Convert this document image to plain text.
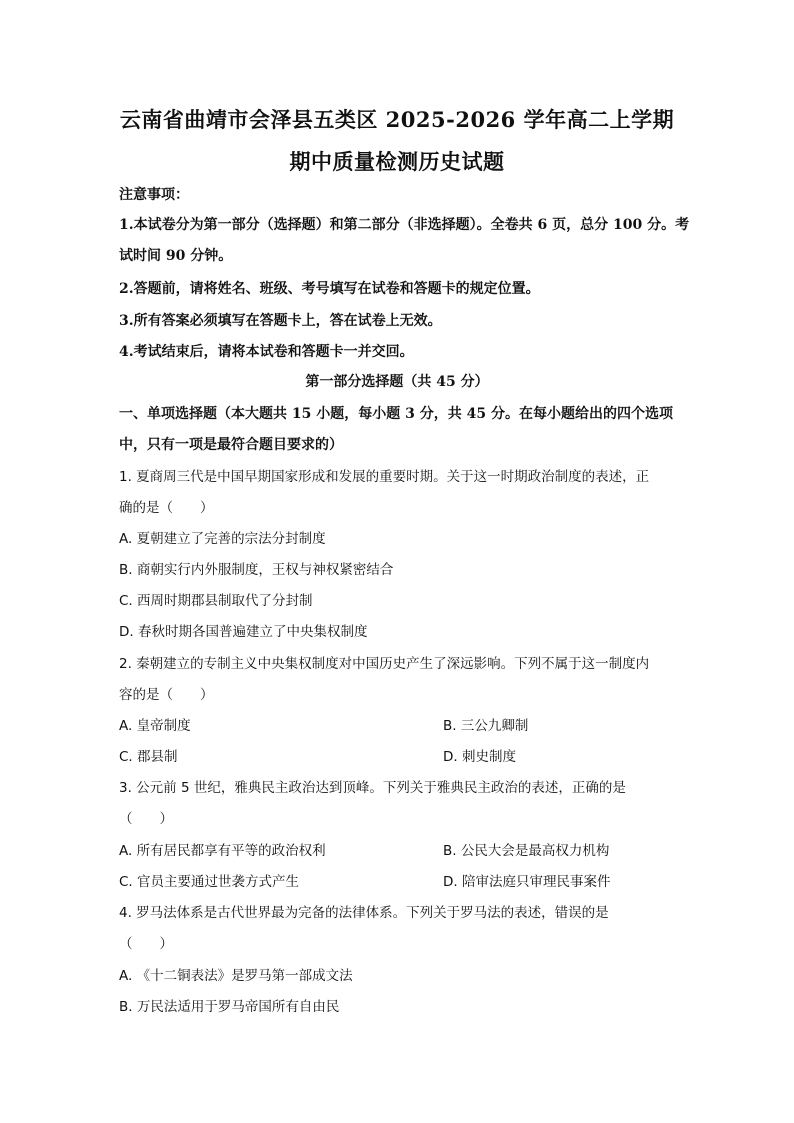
云南省曲靖市会泽县五类区 2025-2026 学年高二上学期
期中质量检测历史试题
注意事项：
1.本试卷分为第一部分（选择题）和第二部分（非选择题）。全卷共 6 页，总分 100 分。考
试时间 90 分钟。
2.答题前，请将姓名、班级、考号填写在试卷和答题卡的规定位置。
3.所有答案必须填写在答题卡上，答在试卷上无效。
4.考试结束后，请将本试卷和答题卡一并交回。
第一部分选择题（共 45 分）
一、单项选择题（本大题共 15 小题，每小题 3 分，共 45 分。在每小题给出的四个选项
中，只有一项是最符合题目要求的）
1. 夏商周三代是中国早期国家形成和发展的重要时期。关于这一时期政治制度的表述，正
确的是（　　）
A. 夏朝建立了完善的宗法分封制度
B. 商朝实行内外服制度，王权与神权紧密结合
C. 西周时期郡县制取代了分封制
D. 春秋时期各国普遍建立了中央集权制度
2. 秦朝建立的专制主义中央集权制度对中国历史产生了深远影响。下列不属于这一制度内
容的是（　　）
A. 皇帝制度	B. 三公九卿制
C. 郡县制	D. 刺史制度
3. 公元前 5 世纪，雅典民主政治达到顶峰。下列关于雅典民主政治的表述，正确的是
（　　）
A. 所有居民都享有平等的政治权利	B. 公民大会是最高权力机构
C. 官员主要通过世袭方式产生	D. 陪审法庭只审理民事案件
4. 罗马法体系是古代世界最为完备的法律体系。下列关于罗马法的表述，错误的是
（　　）
A. 《十二铜表法》是罗马第一部成文法
B. 万民法适用于罗马帝国所有自由民
